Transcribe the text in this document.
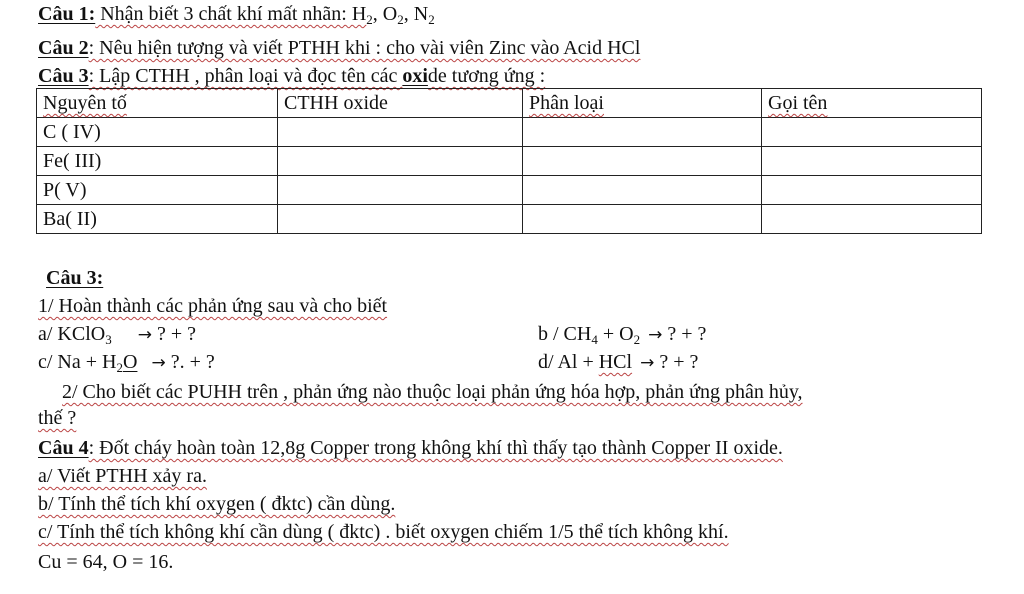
Câu 1: Nhận biết 3 chất khí mất nhãn: $H_2$, $O_2$, $N_2$
Câu 2: Nêu hiện tượng và viết PTHH khi : cho vài viên Zinc vào Acid HCl
Câu 3: Lập CTHH , phân loại và đọc tên các oxide tương ứng :
Nguyên tố	CTHH oxide	Phân loại	Gọi tên
C ( IV)			
Fe( III)			
P( V)			
Ba( II)			
Câu 3:
1/ Hoàn thành các phản ứng sau và cho biết
a/ KClO$_3$ → ? + ?	$b / CH_4 + O_2$ → ? + ?
c/ $Na + H_2O$ → ?. + ?	d/ Al + HCl → ? + ?
2/ Cho biết các PUHH trên , phản ứng nào thuộc loại phản ứng hóa hợp, phản ứng phân hủy,
thế ?
Câu 4: Đốt cháy hoàn toàn 12,8g Copper trong không khí thì thấy tạo thành Copper II oxide.
a/ Viết PTHH xảy ra.
b/ Tính thể tích khí oxygen ( đktc) cần dùng.
c/ Tính thể tích không khí cần dùng ( đktc) . biết oxygen chiếm 1/5 thể tích không khí.
Cu = 64, O = 16.
